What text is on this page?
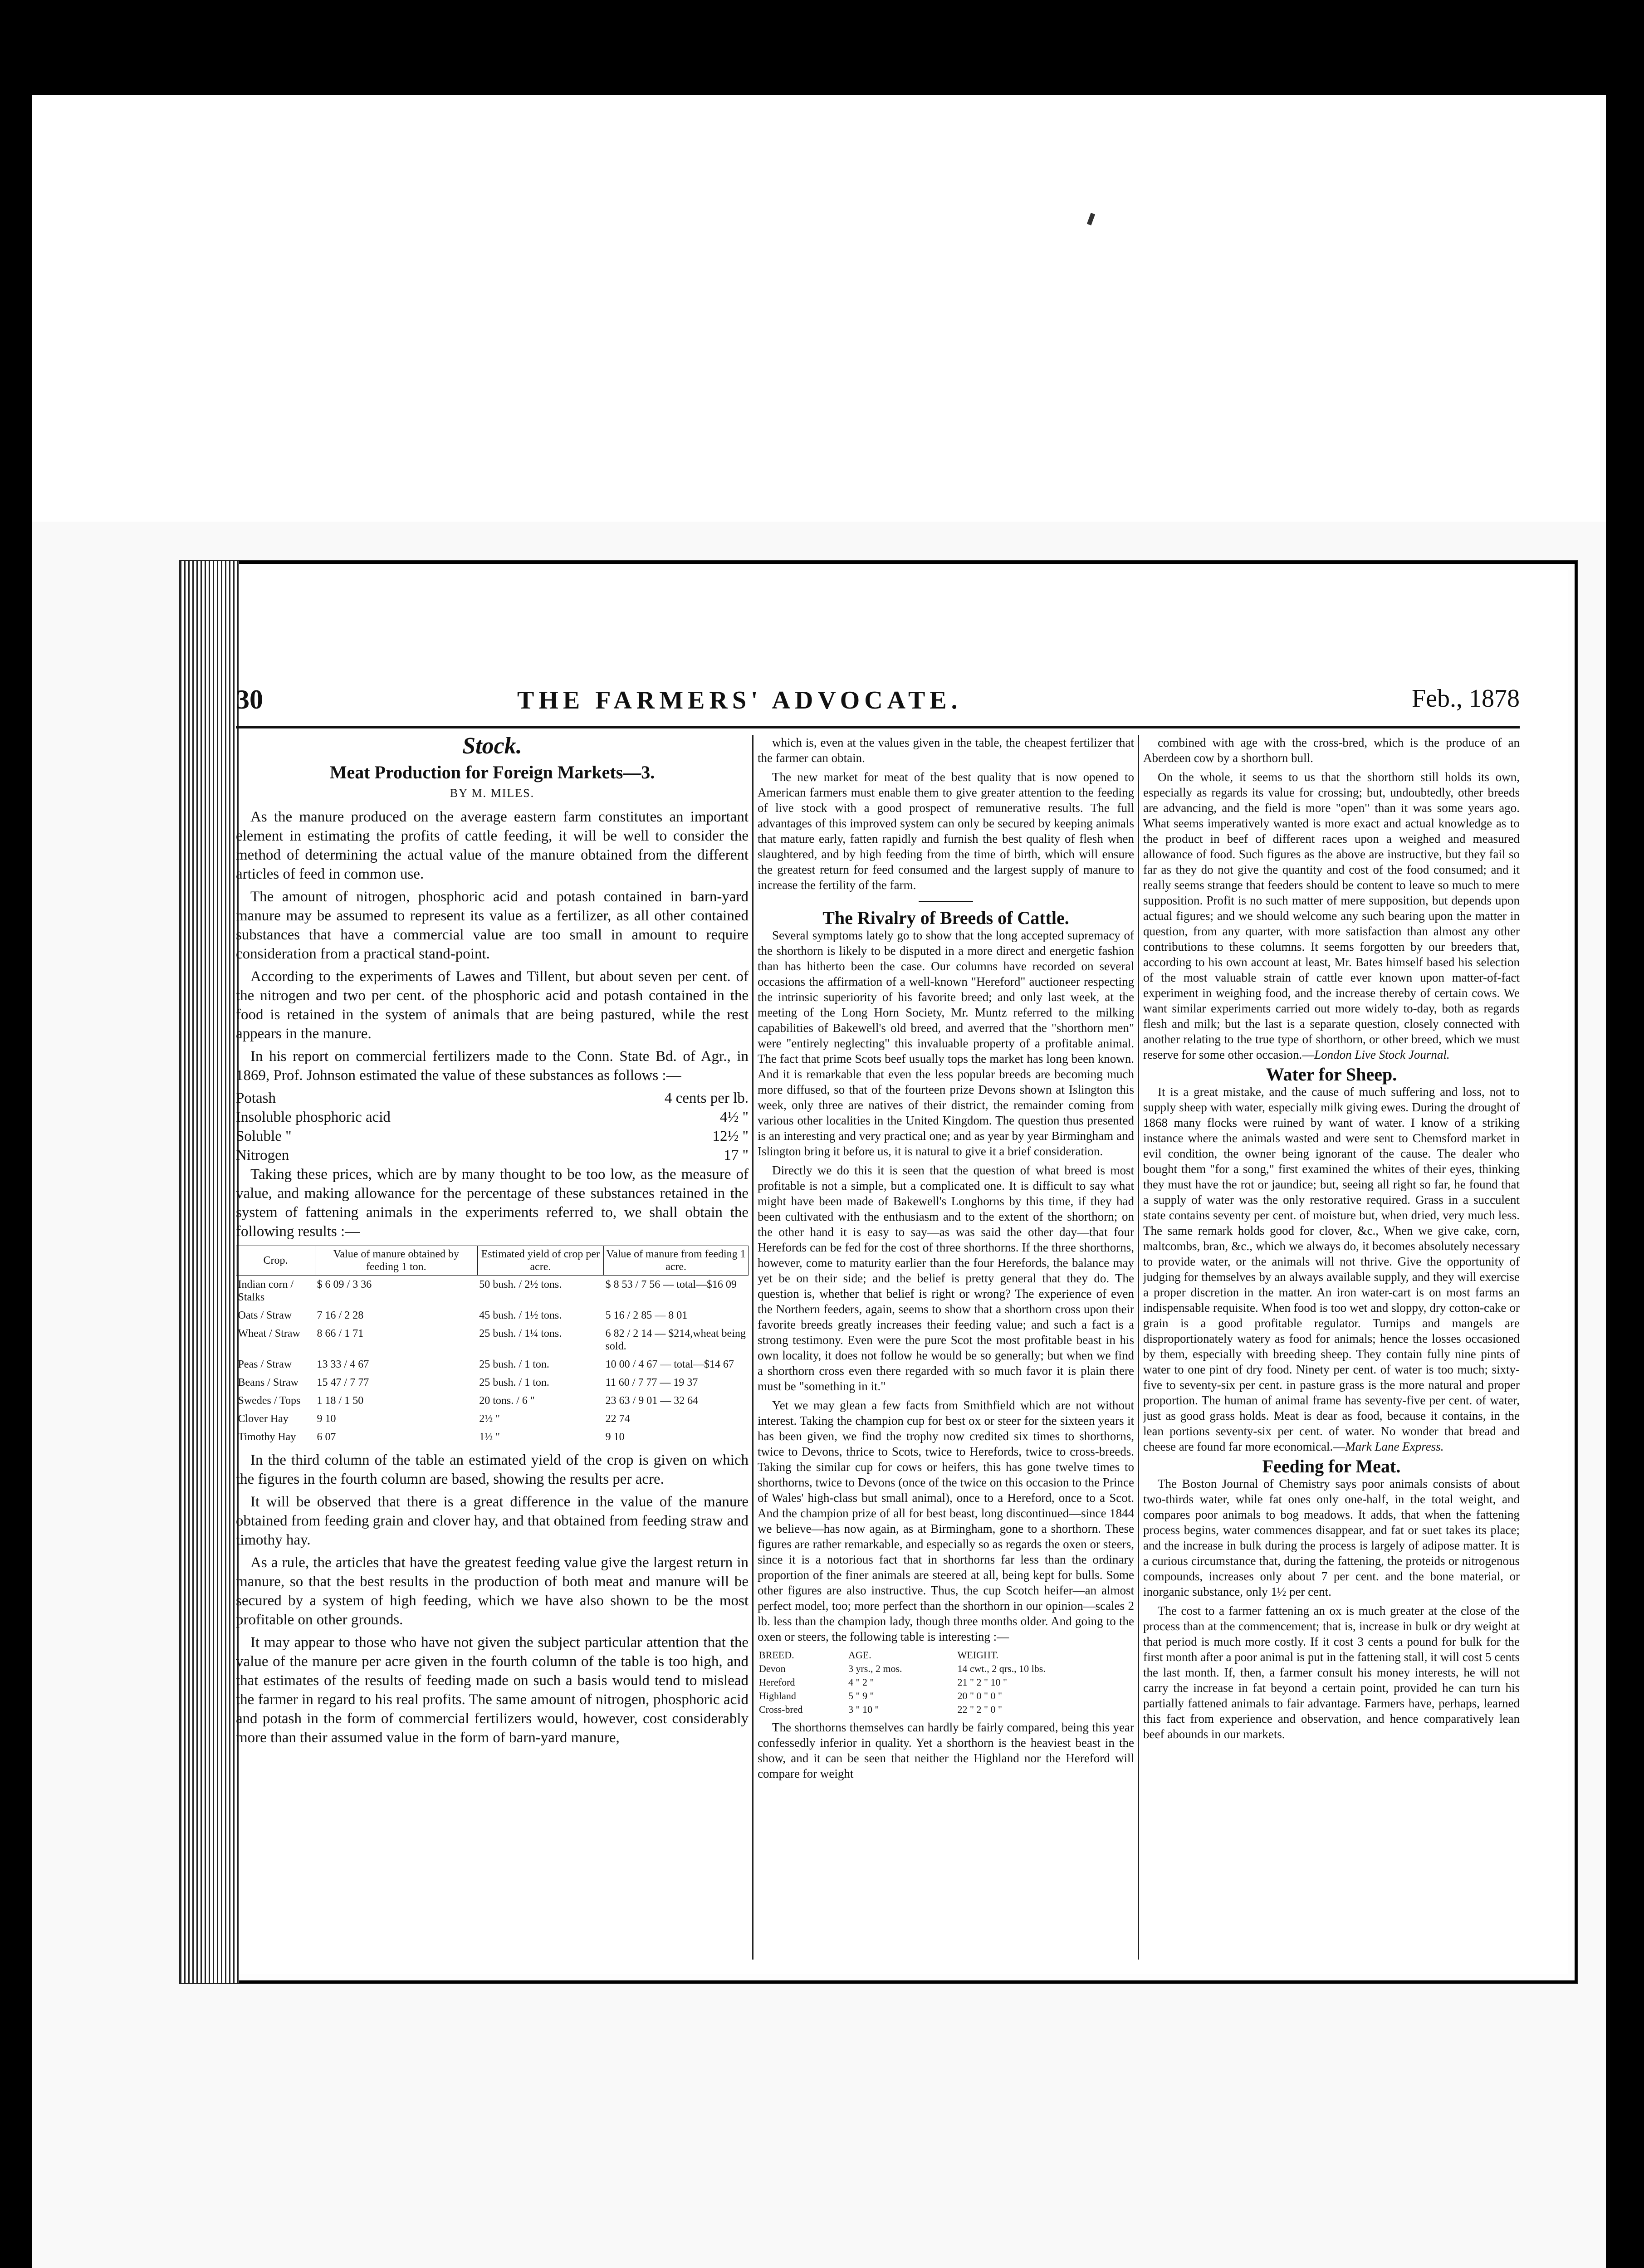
30	THE FARMERS' ADVOCATE.	Feb., 1878
Stock.
Meat Production for Foreign Markets—3.
BY M. MILES.

As the manure produced on the average eastern farm constitutes an important element in estimating the profits of cattle feeding, it will be well to consider the method of determining the actual value of the manure obtained from the different articles of feed in common use.

The amount of nitrogen, phosphoric acid and potash contained in barn-yard manure may be assumed to represent its value as a fertilizer, as all other contained substances that have a commercial value are too small in amount to require consideration from a practical stand-point.

According to the experiments of Lawes and Tillent, but about seven per cent. of the nitrogen and two per cent. of the phosphoric acid and potash contained in the food is retained in the system of animals that are being pastured, while the rest appears in the manure.

In his report on commercial fertilizers made to the Conn. State Bd. of Agr., in 1869, Prof. Johnson estimated the value of these substances as follows :—

Potash	4 cents per lb.
Insoluble phosphoric acid	4½ "
Soluble "	12½ "
Nitrogen	17 "

Taking these prices, which are by many thought to be too low, as the measure of value, and making allowance for the percentage of these substances retained in the system of fattening animals in the experiments referred to, we shall obtain the following results :—

Crop.	Value of manure obtained by feeding 1 ton.	Estimated yield of crop per acre.	Value of manure from feeding 1 acre.
Indian corn / Stalks	$ 6 09 / 3 36	50 bush. / 2½ tons.	$ 8 53 / 7 56 — total—$16 09
Oats / Straw	7 16 / 2 28	45 bush. / 1½ tons.	5 16 / 2 85 — 8 01
Wheat / Straw	8 66 / 1 71	25 bush. / 1¼ tons.	6 82 / 2 14 — $214,wheat being sold.
Peas / Straw	13 33 / 4 67	25 bush. / 1 ton.	10 00 / 4 67 — total—$14 67
Beans / Straw	15 47 / 7 77	25 bush. / 1 ton.	11 60 / 7 77 — 19 37
Swedes / Tops	1 18 / 1 50	20 tons. / 6 "	23 63 / 9 01 — 32 64
Clover Hay	9 10	2½ "	22 74
Timothy Hay	6 07	1½ "	9 10

In the third column of the table an estimated yield of the crop is given on which the figures in the fourth column are based, showing the results per acre.

It will be observed that there is a great difference in the value of the manure obtained from feeding grain and clover hay, and that obtained from feeding straw and timothy hay.

As a rule, the articles that have the greatest feeding value give the largest return in manure, so that the best results in the production of both meat and manure will be secured by a system of high feeding, which we have also shown to be the most profitable on other grounds.

It may appear to those who have not given the subject particular attention that the value of the manure per acre given in the fourth column of the table is too high, and that estimates of the results of feeding made on such a basis would tend to mislead the farmer in regard to his real profits. The same amount of nitrogen, phosphoric acid and potash in the form of commercial fertilizers would, however, cost considerably more than their assumed value in the form of barn-yard manure,

which is, even at the values given in the table, the cheapest fertilizer that the farmer can obtain.

The new market for meat of the best quality that is now opened to American farmers must enable them to give greater attention to the feeding of live stock with a good prospect of remunerative results. The full advantages of this improved system can only be secured by keeping animals that mature early, fatten rapidly and furnish the best quality of flesh when slaughtered, and by high feeding from the time of birth, which will ensure the greatest return for feed consumed and the largest supply of manure to increase the fertility of the farm.

The Rivalry of Breeds of Cattle.

Several symptoms lately go to show that the long accepted supremacy of the shorthorn is likely to be disputed in a more direct and energetic fashion than has hitherto been the case. Our columns have recorded on several occasions the affirmation of a well-known "Hereford" auctioneer respecting the intrinsic superiority of his favorite breed; and only last week, at the meeting of the Long Horn Society, Mr. Muntz referred to the milking capabilities of Bakewell's old breed, and averred that the "shorthorn men" were "entirely neglecting" this invaluable property of a profitable animal. The fact that prime Scots beef usually tops the market has long been known. And it is remarkable that even the less popular breeds are becoming much more diffused, so that of the fourteen prize Devons shown at Islington this week, only three are natives of their district, the remainder coming from various other localities in the United Kingdom. The question thus presented is an interesting and very practical one; and as year by year Birmingham and Islington bring it before us, it is natural to give it a brief consideration.

Directly we do this it is seen that the question of what breed is most profitable is not a simple, but a complicated one. It is difficult to say what might have been made of Bakewell's Longhorns by this time, if they had been cultivated with the enthusiasm and to the extent of the shorthorn; on the other hand it is easy to say—as was said the other day—that four Herefords can be fed for the cost of three shorthorns. If the three shorthorns, however, come to maturity earlier than the four Herefords, the balance may yet be on their side; and the belief is pretty general that they do. The question is, whether that belief is right or wrong? The experience of even the Northern feeders, again, seems to show that a shorthorn cross upon their favorite breeds greatly increases their feeding value; and such a fact is a strong testimony. Even were the pure Scot the most profitable beast in his own locality, it does not follow he would be so generally; but when we find a shorthorn cross even there regarded with so much favor it is plain there must be "something in it."

Yet we may glean a few facts from Smithfield which are not without interest. Taking the champion cup for best ox or steer for the sixteen years it has been given, we find the trophy now credited six times to shorthorns, twice to Devons, thrice to Scots, twice to Herefords, twice to cross-breeds. Taking the similar cup for cows or heifers, this has gone twelve times to shorthorns, twice to Devons (once of the twice on this occasion to the Prince of Wales' high-class but small animal), once to a Hereford, once to a Scot. And the champion prize of all for best beast, long discontinued—since 1844 we believe—has now again, as at Birmingham, gone to a shorthorn. These figures are rather remarkable, and especially so as regards the oxen or steers, since it is a notorious fact that in shorthorns far less than the ordinary proportion of the finer animals are steered at all, being kept for bulls. Some other figures are also instructive. Thus, the cup Scotch heifer—an almost perfect model, too; more perfect than the shorthorn in our opinion—scales 2 lb. less than the champion lady, though three months older. And going to the oxen or steers, the following table is interesting :—

BREED.	AGE.	WEIGHT.
Devon	3 yrs., 2 mos.	14 cwt., 2 qrs., 10 lbs.
Hereford	4 " 2 "	21 " 2 " 10 "
Highland	5 " 9 "	20 " 0 " 0 "
Cross-bred	3 " 10 "	22 " 2 " 0 "

The shorthorns themselves can hardly be fairly compared, being this year confessedly inferior in quality. Yet a shorthorn is the heaviest beast in the show, and it can be seen that neither the Highland nor the Hereford will compare for weight

combined with age with the cross-bred, which is the produce of an Aberdeen cow by a shorthorn bull.

On the whole, it seems to us that the shorthorn still holds its own, especially as regards its value for crossing; but, undoubtedly, other breeds are advancing, and the field is more "open" than it was some years ago. What seems imperatively wanted is more exact and actual knowledge as to the product in beef of different races upon a weighed and measured allowance of food. Such figures as the above are instructive, but they fail so far as they do not give the quantity and cost of the food consumed; and it really seems strange that feeders should be content to leave so much to mere supposition. Profit is no such matter of mere supposition, but depends upon actual figures; and we should welcome any such bearing upon the matter in question, from any quarter, with more satisfaction than almost any other contributions to these columns. It seems forgotten by our breeders that, according to his own account at least, Mr. Bates himself based his selection of the most valuable strain of cattle ever known upon matter-of-fact experiment in weighing food, and the increase thereby of certain cows. We want similar experiments carried out more widely to-day, both as regards flesh and milk; but the last is a separate question, closely connected with another relating to the true type of shorthorn, or other breed, which we must reserve for some other occasion.—London Live Stock Journal.

Water for Sheep.

It is a great mistake, and the cause of much suffering and loss, not to supply sheep with water, especially milk giving ewes. During the drought of 1868 many flocks were ruined by want of water. I know of a striking instance where the animals wasted and were sent to Chemsford market in evil condition, the owner being ignorant of the cause. The dealer who bought them "for a song," first examined the whites of their eyes, thinking they must have the rot or jaundice; but, seeing all right so far, he found that a supply of water was the only restorative required. Grass in a succulent state contains seventy per cent. of moisture but, when dried, very much less. The same remark holds good for clover, &c., When we give cake, corn, maltcombs, bran, &c., which we always do, it becomes absolutely necessary to provide water, or the animals will not thrive. Give the opportunity of judging for themselves by an always available supply, and they will exercise a proper discretion in the matter. An iron water-cart is on most farms an indispensable requisite. When food is too wet and sloppy, dry cotton-cake or grain is a good profitable regulator. Turnips and mangels are disproportionately watery as food for animals; hence the losses occasioned by them, especially with breeding sheep. They contain fully nine pints of water to one pint of dry food. Ninety per cent. of water is too much; sixty-five to seventy-six per cent. in pasture grass is the more natural and proper proportion. The human of animal frame has seventy-five per cent. of water, just as good grass holds. Meat is dear as food, because it contains, in the lean portions seventy-six per cent. of water. No wonder that bread and cheese are found far more economical.—Mark Lane Express.

Feeding for Meat.

The Boston Journal of Chemistry says poor animals consists of about two-thirds water, while fat ones only one-half, in the total weight, and compares poor animals to bog meadows. It adds, that when the fattening process begins, water commences disappear, and fat or suet takes its place; and the increase in bulk during the process is largely of adipose matter. It is a curious circumstance that, during the fattening, the proteids or nitrogenous compounds, increases only about 7 per cent. and the bone material, or inorganic substance, only 1½ per cent.

The cost to a farmer fattening an ox is much greater at the close of the process than at the commencement; that is, increase in bulk or dry weight at that period is much more costly. If it cost 3 cents a pound for bulk for the first month after a poor animal is put in the fattening stall, it will cost 5 cents the last month. If, then, a farmer consult his money interests, he will not carry the increase in fat beyond a certain point, provided he can turn his partially fattened animals to fair advantage. Farmers have, perhaps, learned this fact from experience and observation, and hence comparatively lean beef abounds in our markets.
